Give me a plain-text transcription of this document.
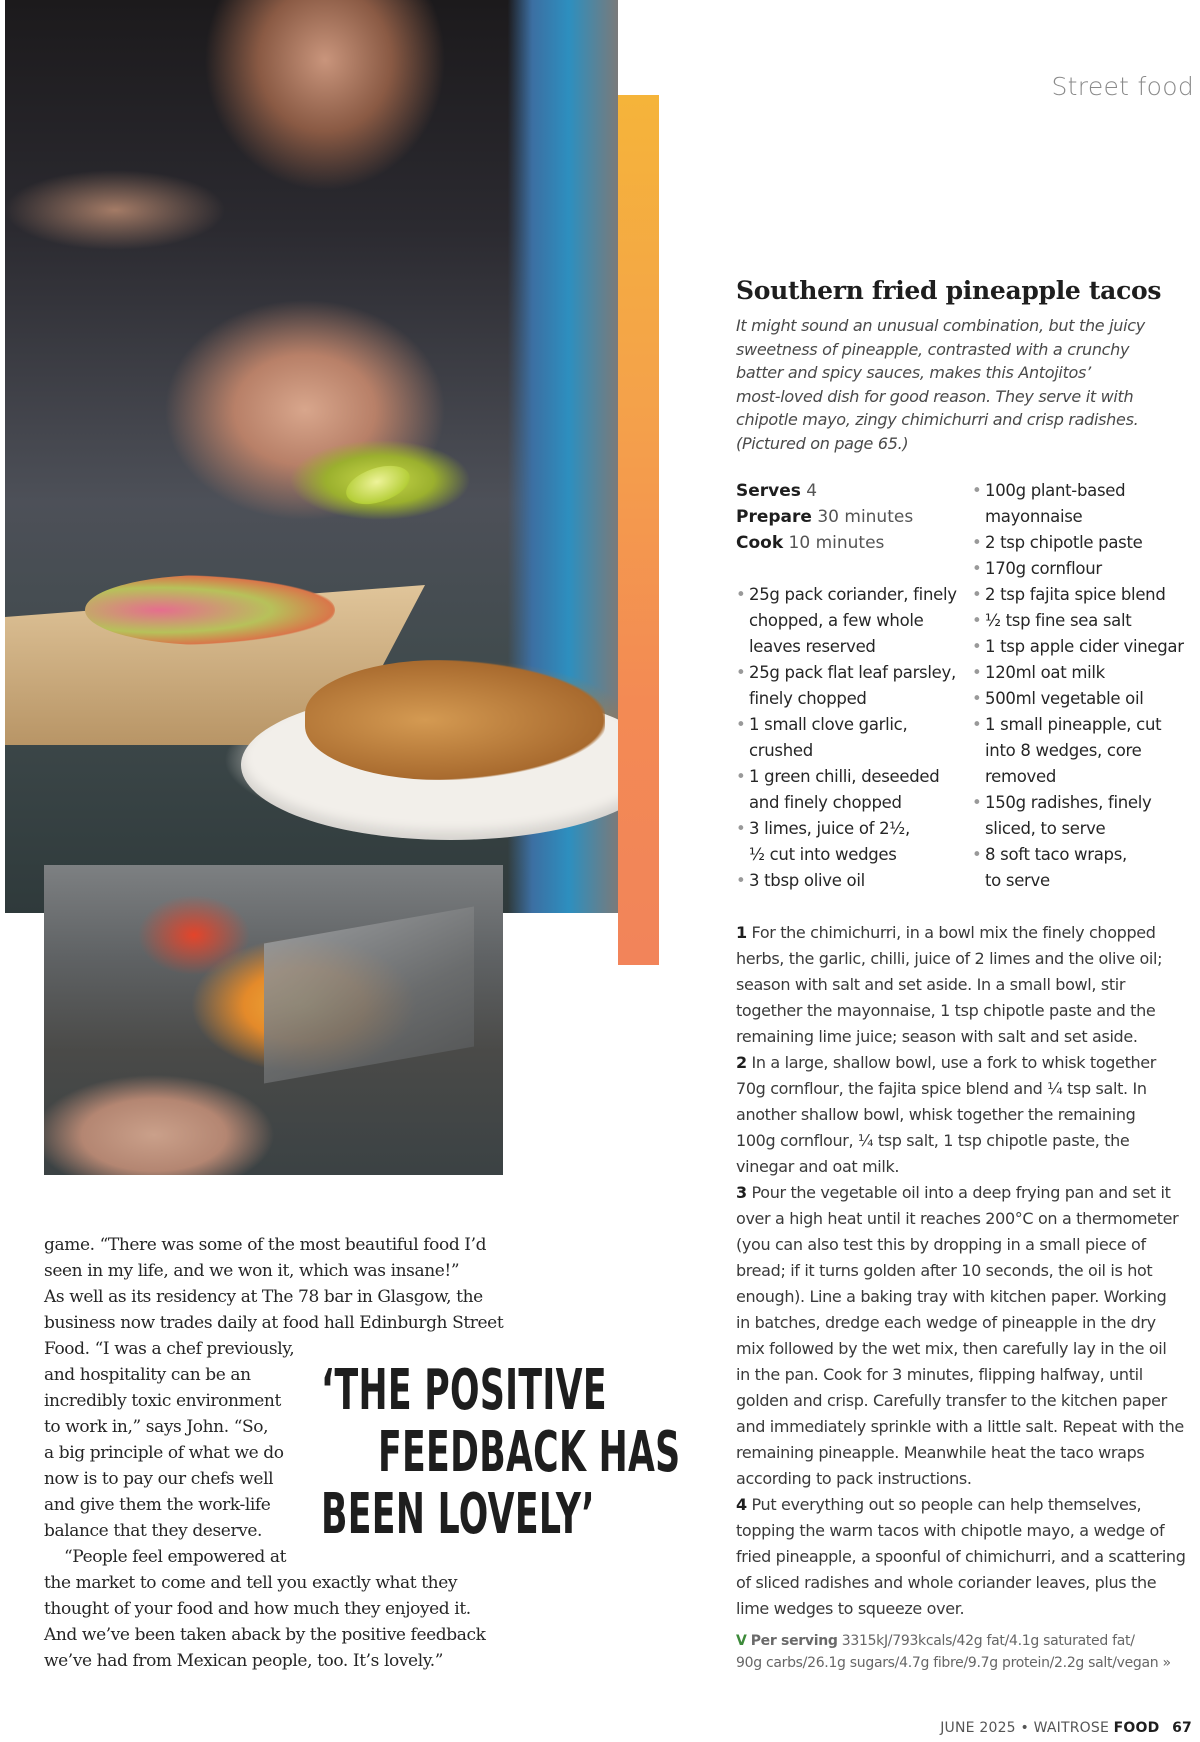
Street food
game. “There was some of the most beautiful food I’d
seen in my life, and we won it, which was insane!”
As well as its residency at The 78 bar in Glasgow, the
business now trades daily at food hall Edinburgh Street
Food. “I was a chef previously,
and hospitality can be an
incredibly toxic environment
to work in,” says John. “So,
a big principle of what we do
now is to pay our chefs well
and give them the work-life
balance that they deserve.
“People feel empowered at
the market to come and tell you exactly what they
thought of your food and how much they enjoyed it.
And we’ve been taken aback by the positive feedback
we’ve had from Mexican people, too. It’s lovely.”
‘THE POSITIVE
FEEDBACK HAS
BEEN LOVELY’
Southern fried pineapple tacos
It might sound an unusual combination, but the juicy
sweetness of pineapple, contrasted with a crunchy
batter and spicy sauces, makes this Antojitos’
most-loved dish for good reason. They serve it with
chipotle mayo, zingy chimichurri and crisp radishes.
(Pictured on page 65.)
Serves 4
Prepare 30 minutes
Cook 10 minutes
• 25g pack coriander, finely
chopped, a few whole
leaves reserved
• 25g pack flat leaf parsley,
finely chopped
• 1 small clove garlic,
crushed
• 1 green chilli, deseeded
and finely chopped
• 3 limes, juice of 2½,
½ cut into wedges
• 3 tbsp olive oil
• 100g plant-based
mayonnaise
• 2 tsp chipotle paste
• 170g cornflour
• 2 tsp fajita spice blend
• ½ tsp fine sea salt
• 1 tsp apple cider vinegar
• 120ml oat milk
• 500ml vegetable oil
• 1 small pineapple, cut
into 8 wedges, core
removed
• 150g radishes, finely
sliced, to serve
• 8 soft taco wraps,
to serve
1 For the chimichurri, in a bowl mix the finely chopped
herbs, the garlic, chilli, juice of 2 limes and the olive oil;
season with salt and set aside. In a small bowl, stir
together the mayonnaise, 1 tsp chipotle paste and the
remaining lime juice; season with salt and set aside.
2 In a large, shallow bowl, use a fork to whisk together
70g cornflour, the fajita spice blend and ¼ tsp salt. In
another shallow bowl, whisk together the remaining
100g cornflour, ¼ tsp salt, 1 tsp chipotle paste, the
vinegar and oat milk.
3 Pour the vegetable oil into a deep frying pan and set it
over a high heat until it reaches 200°C on a thermometer
(you can also test this by dropping in a small piece of
bread; if it turns golden after 10 seconds, the oil is hot
enough). Line a baking tray with kitchen paper. Working
in batches, dredge each wedge of pineapple in the dry
mix followed by the wet mix, then carefully lay in the oil
in the pan. Cook for 3 minutes, flipping halfway, until
golden and crisp. Carefully transfer to the kitchen paper
and immediately sprinkle with a little salt. Repeat with the
remaining pineapple. Meanwhile heat the taco wraps
according to pack instructions.
4 Put everything out so people can help themselves,
topping the warm tacos with chipotle mayo, a wedge of
fried pineapple, a spoonful of chimichurri, and a scattering
of sliced radishes and whole coriander leaves, plus the
lime wedges to squeeze over.
V Per serving 3315kJ/793kcals/42g fat/4.1g saturated fat/
90g carbs/26.1g sugars/4.7g fibre/9.7g protein/2.2g salt/vegan »
JUNE 2025 • WAITROSE FOOD 67
